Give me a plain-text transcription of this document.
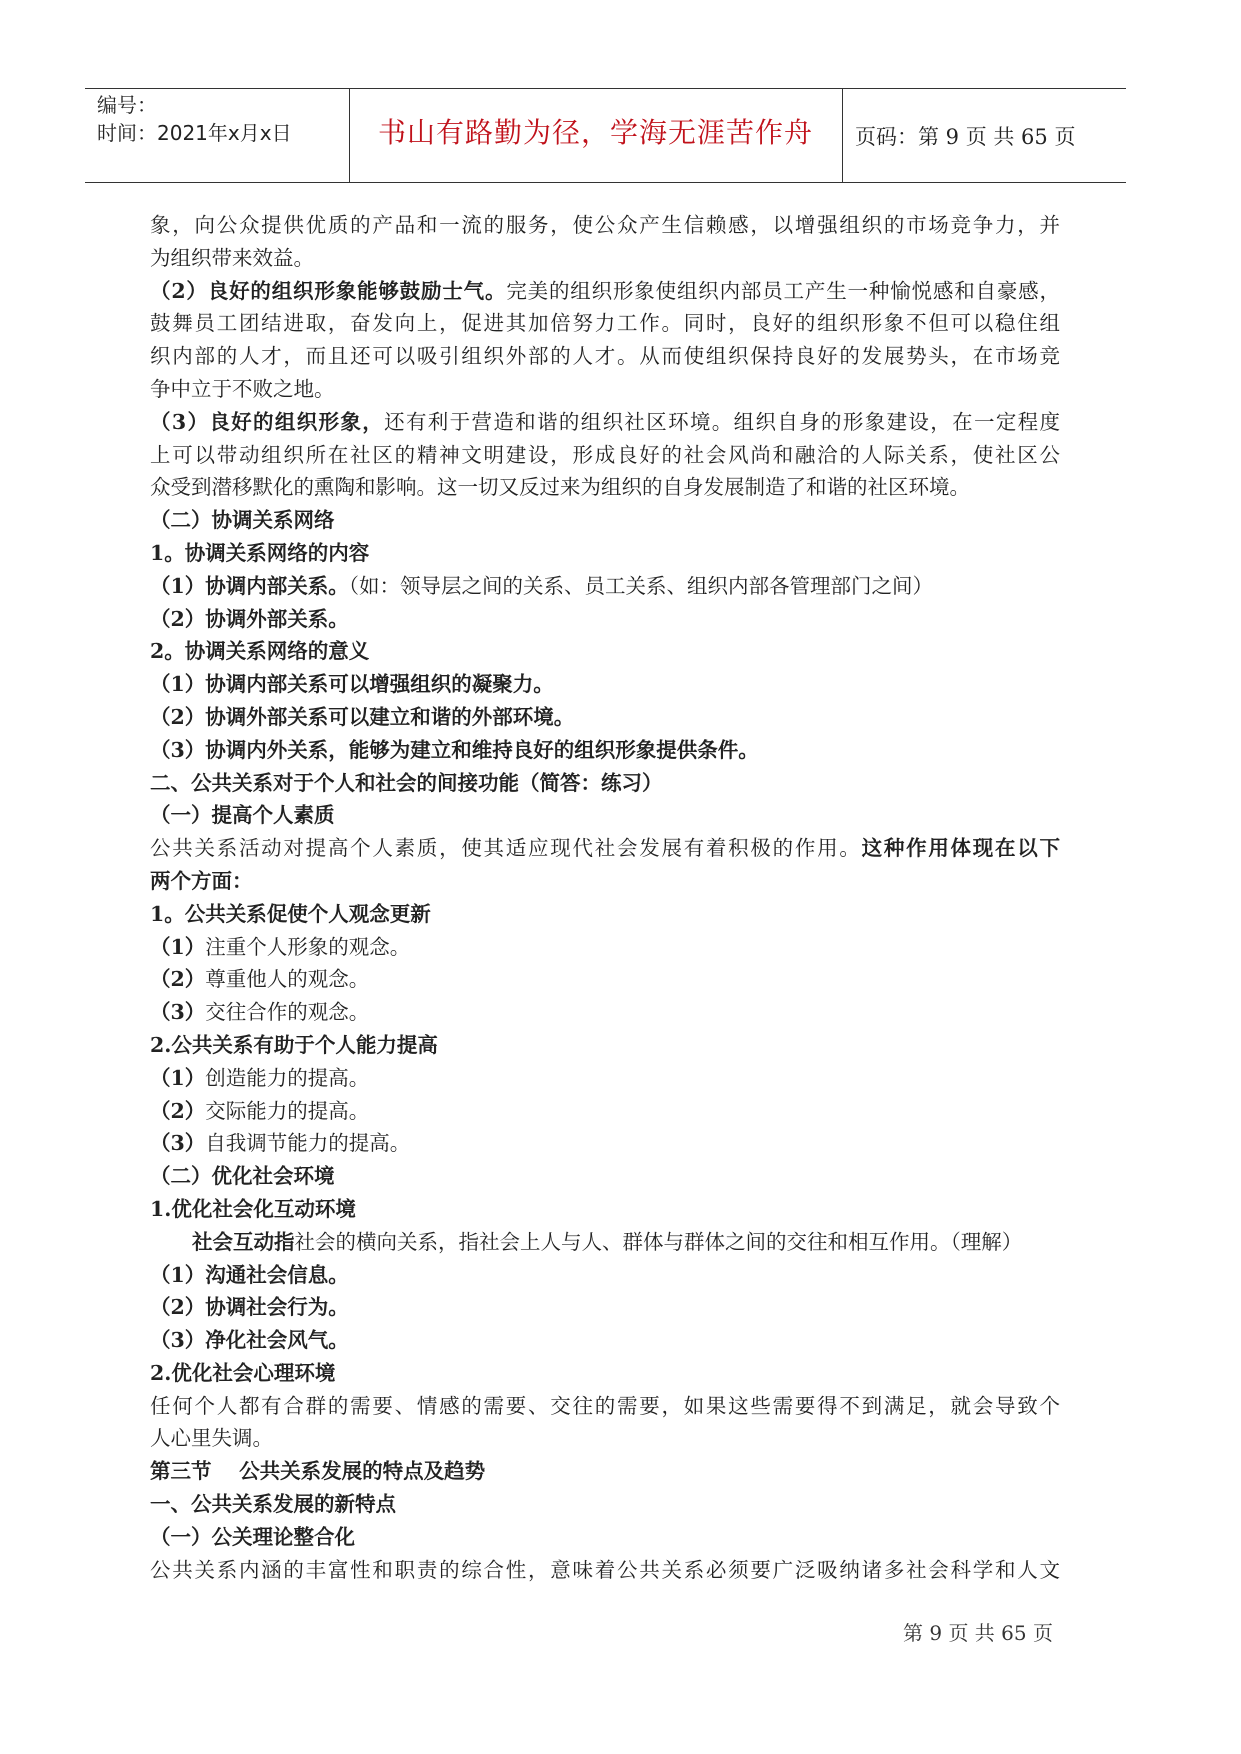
编号：
时间：2021年x月x日	书山有路勤为径，学海无涯苦作舟	页码：第 9 页 共 65 页
象，向公众提供优质的产品和一流的服务，使公众产生信赖感，以增强组织的市场竞争力，并
为组织带来效益。
（2）良好的组织形象能够鼓励士气。完美的组织形象使组织内部员工产生一种愉悦感和自豪感，
鼓舞员工团结进取，奋发向上，促进其加倍努力工作。同时，良好的组织形象不但可以稳住组
织内部的人才，而且还可以吸引组织外部的人才。从而使组织保持良好的发展势头，在市场竞
争中立于不败之地。
（3）良好的组织形象，还有利于营造和谐的组织社区环境。组织自身的形象建设，在一定程度
上可以带动组织所在社区的精神文明建设，形成良好的社会风尚和融洽的人际关系，使社区公
众受到潜移默化的熏陶和影响。这一切又反过来为组织的自身发展制造了和谐的社区环境。
（二）协调关系网络
1。协调关系网络的内容
（1）协调内部关系。（如：领导层之间的关系、员工关系、组织内部各管理部门之间）
（2）协调外部关系。
2。协调关系网络的意义
（1）协调内部关系可以增强组织的凝聚力。
（2）协调外部关系可以建立和谐的外部环境。
（3）协调内外关系，能够为建立和维持良好的组织形象提供条件。
二、公共关系对于个人和社会的间接功能（简答：练习）
（一）提高个人素质
公共关系活动对提高个人素质，使其适应现代社会发展有着积极的作用。这种作用体现在以下
两个方面：
1。公共关系促使个人观念更新
（1）注重个人形象的观念。
（2）尊重他人的观念。
（3）交往合作的观念。
2.公共关系有助于个人能力提高
（1）创造能力的提高。
（2）交际能力的提高。
（3）自我调节能力的提高。
（二）优化社会环境
1.优化社会化互动环境
社会互动指社会的横向关系，指社会上人与人、群体与群体之间的交往和相互作用。（理解）
（1）沟通社会信息。
（2）协调社会行为。
（3）净化社会风气。
2.优化社会心理环境
任何个人都有合群的需要、情感的需要、交往的需要，如果这些需要得不到满足，就会导致个
人心里失调。
第三节　 公共关系发展的特点及趋势
一、公共关系发展的新特点
（一）公关理论整合化
公共关系内涵的丰富性和职责的综合性，意味着公共关系必须要广泛吸纳诸多社会科学和人文
第 9 页 共 65 页
